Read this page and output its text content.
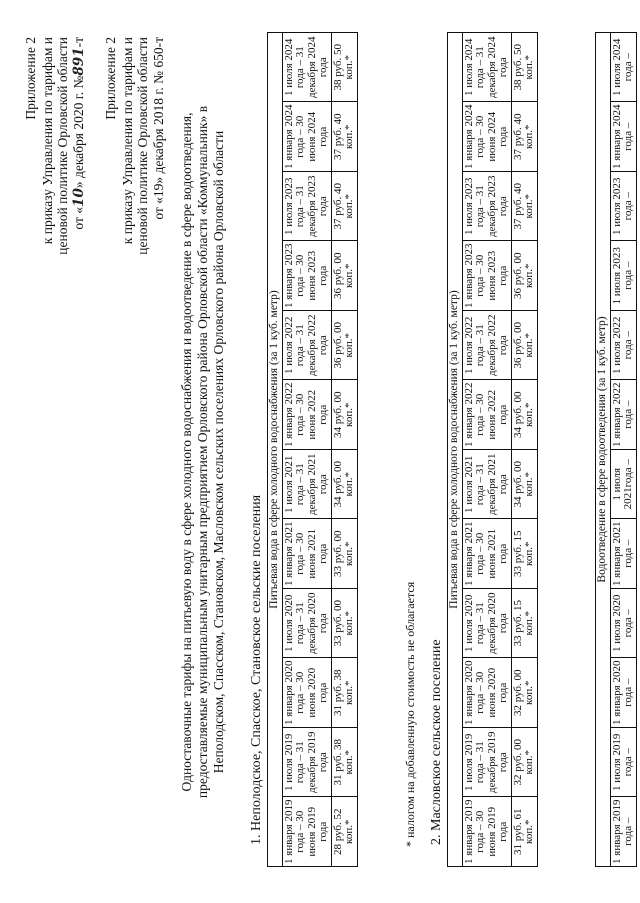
Приложение 2 к приказу Управления по тарифам и ценовой политике Орловской области от «10» декабря 2020 г. №891-т Приложение 2 к приказу Управления по тарифам и ценовой политике Орловской области от «19» декабря 2018 г. № 650-т Одноставочные тарифы на питьевую воду в сфере холодного водоснабжения и водоотведение в сфере водоотведения, предоставляемые муниципальным унитарным предприятием Орловского района Орловской области «Коммунальник» в Неполодском, Спасском, Становском, Масловском сельских поселениях Орловского района Орловской области 1. Неполодское, Спасское, Становское сельские поселения
Питьевая вода в сфере холодного водоснабжения (за 1 куб. метр)											
1 января 2019 года – 30 июня 2019 года	1 июля 2019 года – 31 декабря 2019 года	1 января 2020 года – 30 июня 2020 года	1 июля 2020 года – 31 декабря 2020 года	1 января 2021 года – 30 июня 2021 года	1 июля 2021 года – 31 декабря 2021 года	1 января 2022 года – 30 июня 2022 года	1 июля 2022 года – 31 декабря 2022 года	1 января 2023 года – 30 июня 2023 года	1 июля 2023 года – 31 декабря 2023 года	1 января 2024 года – 30 июня 2024 года	1 июля 2024 года – 31 декабря 2024 года
28 руб. 52 коп.*	31 руб. 38 коп.*	31 руб. 38 коп.*	33 руб. 00 коп.*	33 руб. 00 коп.*	34 руб. 00 коп.*	34 руб. 00 коп.*	36 руб. 00 коп.*	36 руб. 00 коп.*	37 руб. 40 коп.*	37 руб. 40 коп.*	38 руб. 50 коп.*
* налогом на добавленную стоимость не облагается 2. Масловское сельское поселение
Питьевая вода в сфере холодного водоснабжения (за 1 куб. метр)											
1 января 2019 года – 30 июня 2019 года	1 июля 2019 года – 31 декабря 2019 года	1 января 2020 года – 30 июня 2020 года	1 июля 2020 года – 31 декабря 2020 года	1 января 2021 года – 30 июня 2021 года	1 июля 2021 года – 31 декабря 2021 года	1 января 2022 года – 30 июня 2022 года	1 июля 2022 года – 31 декабря 2022 года	1 января 2023 года – 30 июня 2023 года	1 июля 2023 года – 31 декабря 2023 года	1 января 2024 года – 30 июня 2024 года	1 июля 2024 года – 31 декабря 2024 года
31 руб. 61 коп.*	32 руб. 00 коп.*	32 руб. 00 коп.*	33 руб. 15 коп.*	33 руб. 15 коп.*	34 руб. 00 коп.*	34 руб. 00 коп.*	36 руб. 00 коп.*	36 руб. 00 коп.*	37 руб. 40 коп.*	37 руб. 40 коп.*	38 руб. 50 коп.*
Водоотведение в сфере водоотведения (за 1 куб. метр)
1 января 2019 года –	1 июля 2019 года –	1 января 2020 года –	1 июля 2020 года –	1 января 2021 года –	1 июля 2021года –	1 января 2022 года –	1 июля 2022 года –	1 июля 2023 года –	1 июля 2023 года –	1 января 2024 года –	1 июля 2024 года –
